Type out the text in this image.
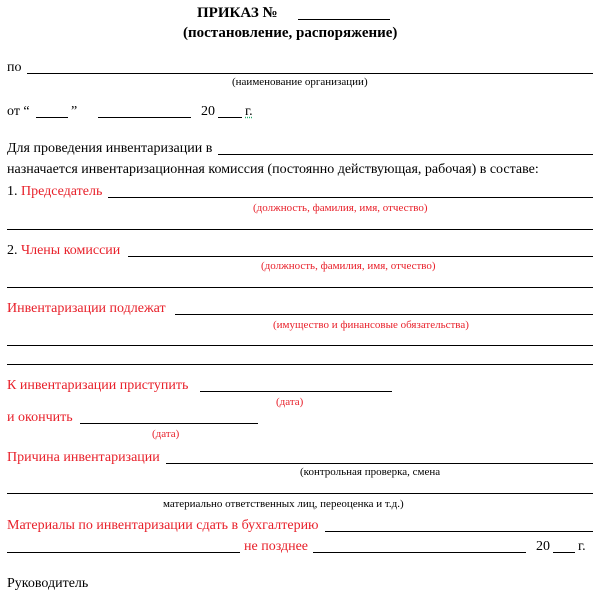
ПРИКАЗ №
(постановление, распоряжение)
по
(наименование организации)
от “	”	20 г.
Для проведения инвентаризации в
назначается инвентаризационная комиссия (постоянно действующая, рабочая) в составе:
1. Председатель
(должность, фамилия, имя, отчество)
2. Члены комиссии
(должность, фамилия, имя, отчество)
Инвентаризации подлежат
(имущество и финансовые обязательства)
К инвентаризации приступить
(дата)
и окончить
(дата)
Причина инвентаризации
(контрольная проверка, смена
материально ответственных лиц, переоценка и т.д.)
Материалы по инвентаризации сдать в бухгалтерию
не позднее	20 г.
Руководитель
